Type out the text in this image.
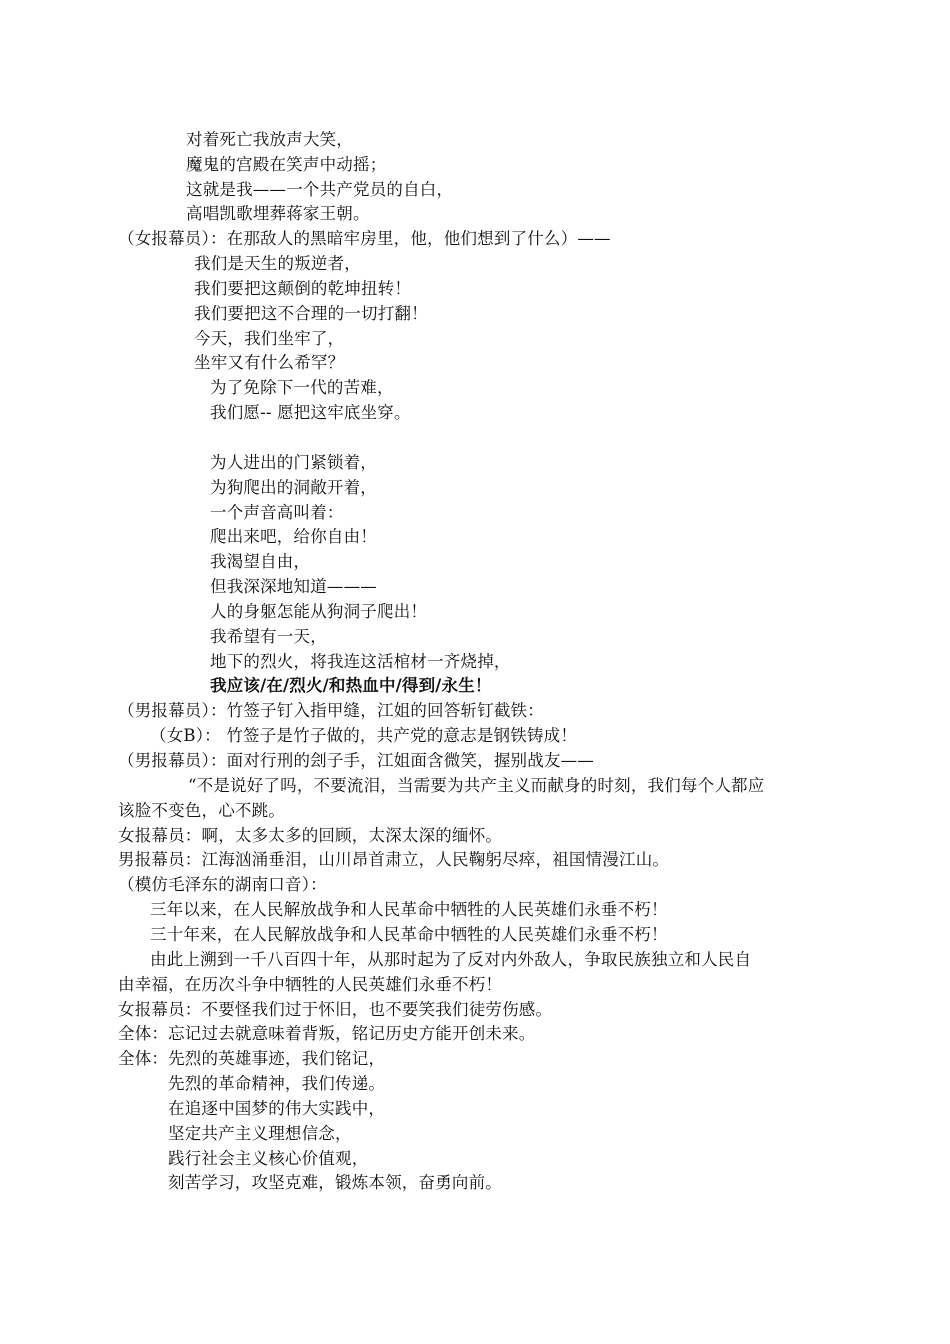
对着死亡我放声大笑，
魔鬼的宫殿在笑声中动摇；
这就是我——一个共产党员的自白，
高唱凯歌埋葬蒋家王朝。
（女报幕员）：在那敌人的黑暗牢房里，他，他们想到了什么）——
我们是天生的叛逆者，
我们要把这颠倒的乾坤扭转！
我们要把这不合理的一切打翻！
今天，我们坐牢了，
坐牢又有什么希罕？
为了免除下一代的苦难，
我们愿-- 愿把这牢底坐穿。
为人进出的门紧锁着，
为狗爬出的洞敞开着，
一个声音高叫着：
爬出来吧，给你自由！
我渴望自由，
但我深深地知道———
人的身躯怎能从狗洞子爬出！
我希望有一天，
地下的烈火，将我连这活棺材一齐烧掉，
我应该/在/烈火/和热血中/得到/永生！
（男报幕员）：竹签子钉入指甲缝，江姐的回答斩钉截铁：
（女B）： 竹签子是竹子做的，共产党的意志是钢铁铸成！
（男报幕员）：面对行刑的刽子手，江姐面含微笑，握别战友——
“不是说好了吗，不要流泪，当需要为共产主义而献身的时刻，我们每个人都应
该脸不变色，心不跳。
女报幕员：啊，太多太多的回顾，太深太深的缅怀。
男报幕员：江海汹涌垂泪，山川昂首肃立，人民鞠躬尽瘁，祖国情漫江山。
（模仿毛泽东的湖南口音）：
三年以来，在人民解放战争和人民革命中牺牲的人民英雄们永垂不朽！
三十年来，在人民解放战争和人民革命中牺牲的人民英雄们永垂不朽！
由此上溯到一千八百四十年，从那时起为了反对内外敌人，争取民族独立和人民自
由幸福，在历次斗争中牺牲的人民英雄们永垂不朽！
女报幕员：不要怪我们过于怀旧，也不要笑我们徒劳伤感。
全体：忘记过去就意味着背叛，铭记历史方能开创未来。
全体：先烈的英雄事迹，我们铭记，
先烈的革命精神，我们传递。
在追逐中国梦的伟大实践中，
坚定共产主义理想信念，
践行社会主义核心价值观，
刻苦学习，攻坚克难，锻炼本领，奋勇向前。
